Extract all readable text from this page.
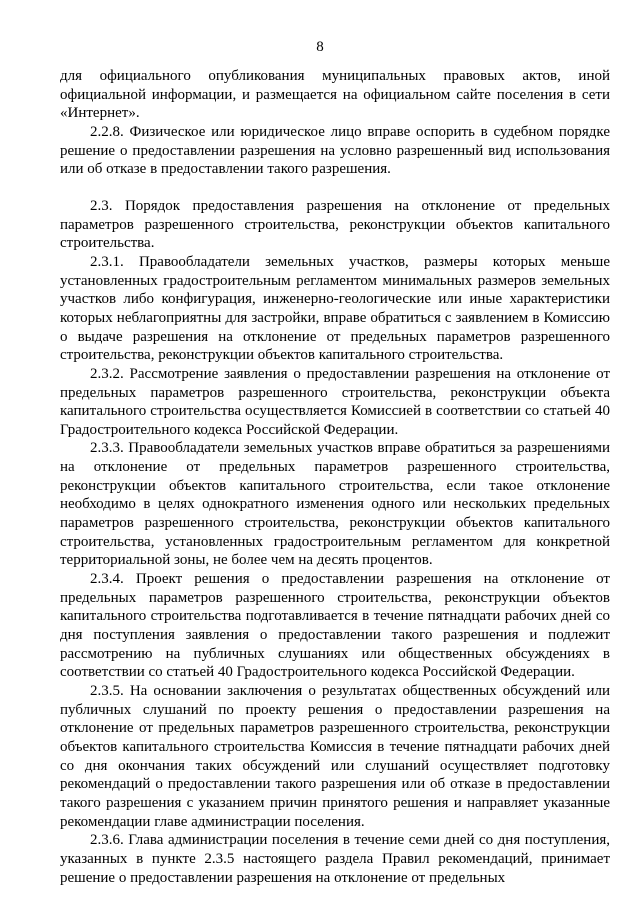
8

для официального опубликования муниципальных правовых актов, иной официальной информации, и размещается на официальном сайте поселения в сети «Интернет».

2.2.8. Физическое или юридическое лицо вправе оспорить в судебном порядке решение о предоставлении разрешения на условно разрешенный вид использования или об отказе в предоставлении такого разрешения.

2.3. Порядок предоставления разрешения на отклонение от предельных параметров разрешенного строительства, реконструкции объектов капитального строительства.

2.3.1. Правообладатели земельных участков, размеры которых меньше установленных градостроительным регламентом минимальных размеров земельных участков либо конфигурация, инженерно-геологические или иные характеристики которых неблагоприятны для застройки, вправе обратиться с заявлением в Комиссию о выдаче разрешения на отклонение от предельных параметров разрешенного строительства, реконструкции объектов капитального строительства.

2.3.2. Рассмотрение заявления о предоставлении разрешения на отклонение от предельных параметров разрешенного строительства, реконструкции объекта капитального строительства осуществляется Комиссией в соответствии со статьей 40 Градостроительного кодекса Российской Федерации.

2.3.3. Правообладатели земельных участков вправе обратиться за разрешениями на отклонение от предельных параметров разрешенного строительства, реконструкции объектов капитального строительства, если такое отклонение необходимо в целях однократного изменения одного или нескольких предельных параметров разрешенного строительства, реконструкции объектов капитального строительства, установленных градостроительным регламентом для конкретной территориальной зоны, не более чем на десять процентов.

2.3.4. Проект решения о предоставлении разрешения на отклонение от предельных параметров разрешенного строительства, реконструкции объектов капитального строительства подготавливается в течение пятнадцати рабочих дней со дня поступления заявления о предоставлении такого разрешения и подлежит рассмотрению на публичных слушаниях или общественных обсуждениях в соответствии со статьей 40 Градостроительного кодекса Российской Федерации.

2.3.5. На основании заключения о результатах общественных обсуждений или публичных слушаний по проекту решения о предоставлении разрешения на отклонение от предельных параметров разрешенного строительства, реконструкции объектов капитального строительства Комиссия в течение пятнадцати рабочих дней со дня окончания таких обсуждений или слушаний осуществляет подготовку рекомендаций о предоставлении такого разрешения или об отказе в предоставлении такого разрешения с указанием причин принятого решения и направляет указанные рекомендации главе администрации поселения.

2.3.6. Глава администрации поселения в течение семи дней со дня поступления, указанных в пункте 2.3.5 настоящего раздела Правил рекомендаций, принимает решение о предоставлении разрешения на отклонение от предельных
